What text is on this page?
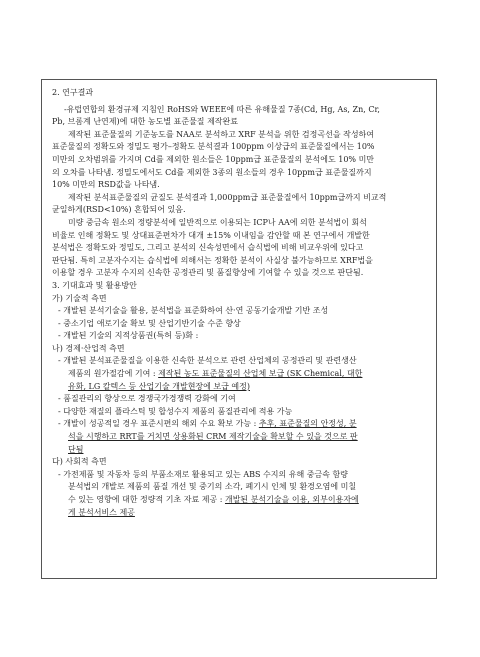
2. 연구결과
-유럽연합의 환경규제 지침인 RoHS와 WEEE에 따른 유해물질 7종(Cd, Hg, As, Zn, Cr,
Pb, 브롬계 난연제)에 대한 농도별 표준물질 제작완료
제작된 표준물질의 기준농도를 NAA로 분석하고 XRF 분석을 위한 검정곡선을 작성하여
표준물질의 정확도와 정밀도 평가–정확도 분석결과 100ppm 이상급의 표준물질에서는 10%
미만의 오차범위를 가지며 Cd를 제외한 원소들은 10ppm급 표준물질의 분석에도 10% 미만
의 오차를 나타냄. 정밀도에서도 Cd를 제외한 3종의 원소들의 경우 10ppm급 표준물질까지
10% 미만의 RSD값을 나타냄.
제작된 분석표준물질의 균질도 분석결과 1,000ppm급 표준물질에서 10ppm급까지 비교적
균일하게(RSD<10%) 혼합되어 있음.
미량 중금속 원소의 정량분석에 일반적으로 이용되는 ICP나 AA에 의한 분석법이 회석
비율로 인해 정확도 및 상대표준편차가 대개 ±15% 이내임을 감안할 때 본 연구에서 개발한
분석법은 정확도와 정밀도, 그리고 분석의 신속성면에서 습식법에 비해 비교우위에 있다고
판단됨. 특히 고분자수지는 습식법에 의해서는 정확한 분석이 사실상 불가능하므로 XRF법을
이용할 경우 고분자 수지의 신속한 공정관리 및 품질향상에 기여할 수 있을 것으로 판단됨.
3. 기대효과 및 활용방안
가) 기술적 측면
- 개발된 분석기술을 활용, 분석법을 표준화하여 산·연 공동기술개발 기반 조성
- 중소기업 애로기술 확보 및 산업기반기술 수준 향상
- 개발된 기술의 지적상품권(특허 등)화 :
나) 경제·산업적 측면
- 개발된 분석표준물질을 이용한 신속한 분석으로 관련 산업체의 공정관리 및 관련생산
제품의 원가절감에 기여 : 제작된 농도 표준물질의 산업체 보급 (SK Chemical, 대한
유화, LG 칼텍스 등 산업기술 개발현장에 보급 예정)
- 품질관리의 향상으로 경쟁국가경쟁력 강화에 기여
- 다양한 재질의 플라스틱 및 합성수지 제품의 품질관리에 적용 가능
- 개발이 성공적일 경우 표준시편의 해외 수요 확보 가능 : 추후, 표준물질의 안정성, 분
석을 시행하고 RRT를 거치면 상용화된 CRM 제작기술을 확보할 수 있을 것으로 판
단됨
다) 사회적 측면
- 가전제품 및 자동차 등의 부품소재로 활용되고 있는 ABS 수지의 유해 중금속 함량
분석법의 개발로 제품의 품질 개선 및 중기의 소각, 폐기시 인체 및 환경오염에 미칠
수 있는 영향에 대한 정량적 기초 자료 제공 : 개발된 분석기술을 이용, 외부이용자에
게 분석서비스 제공
